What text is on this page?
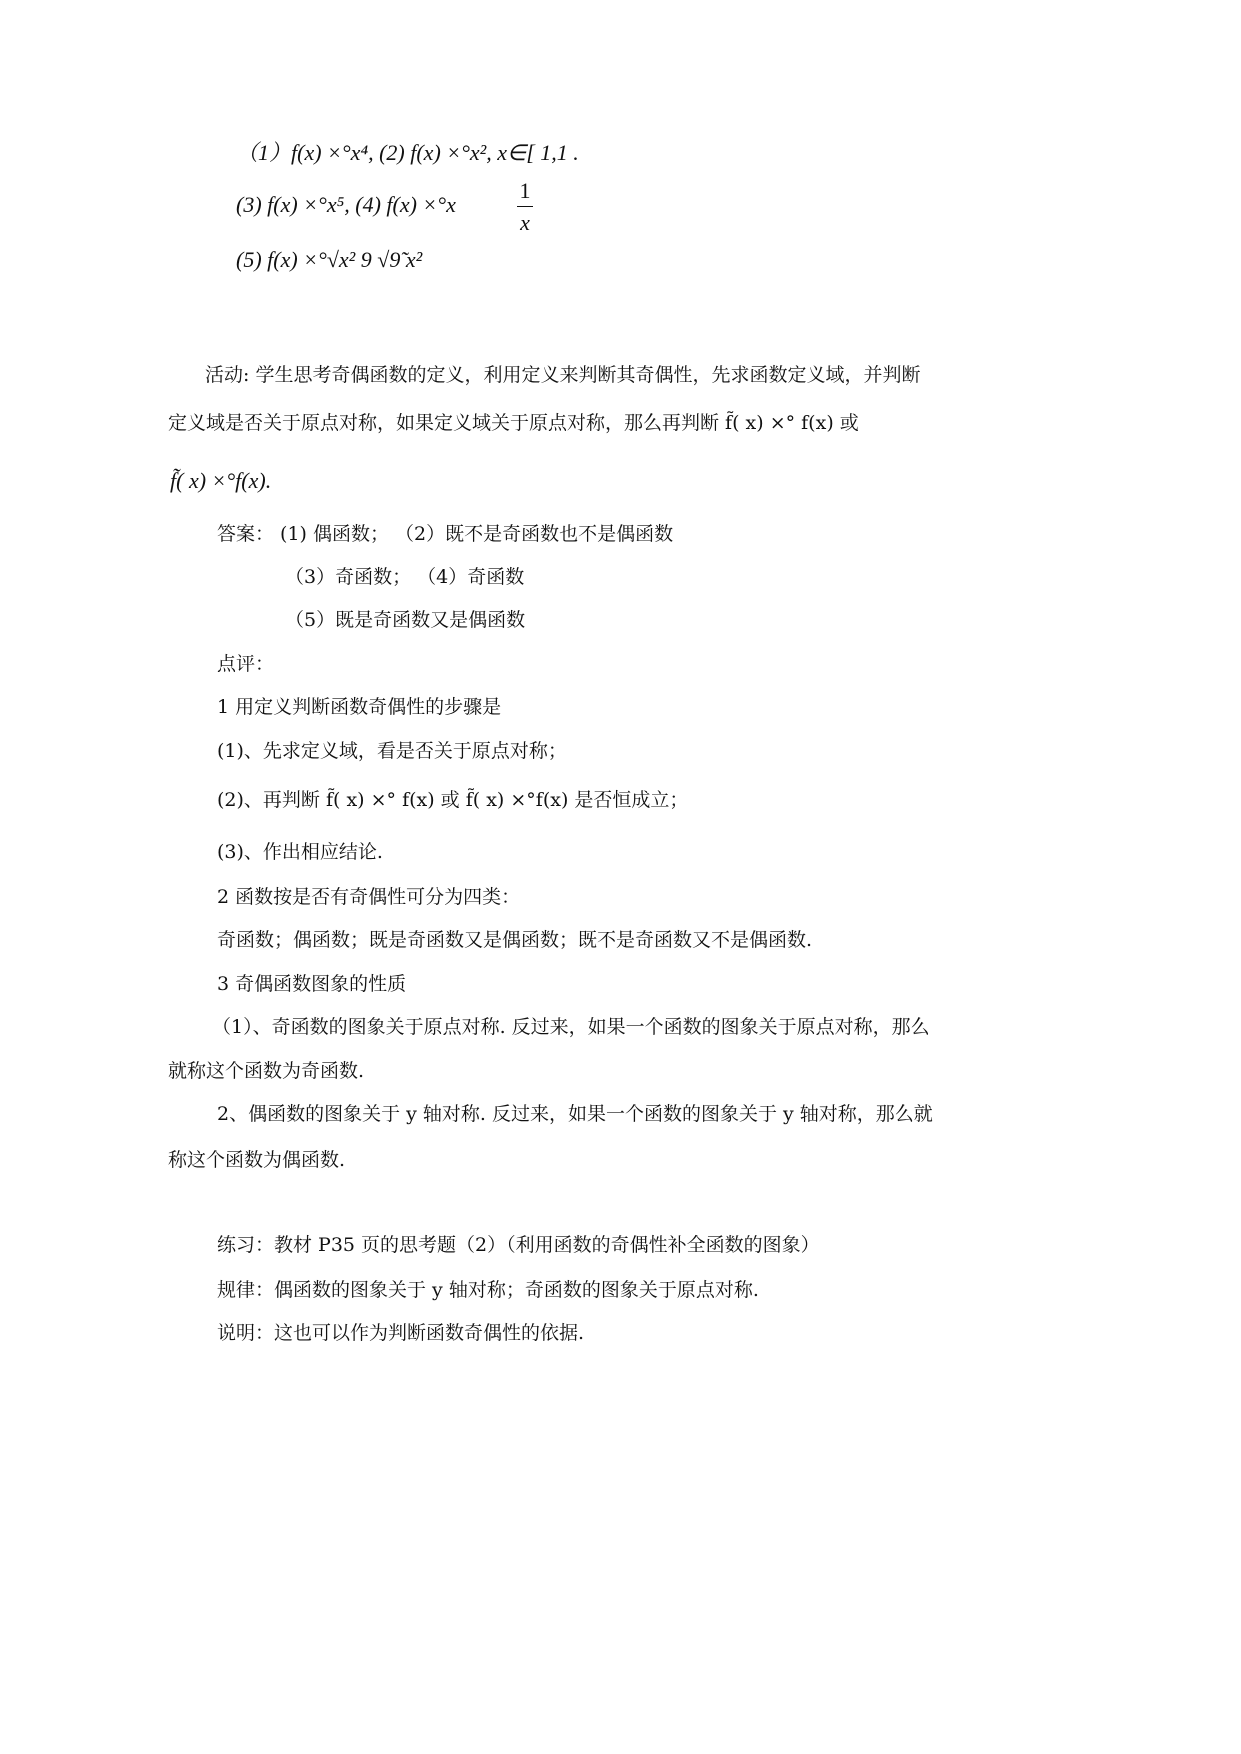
（1）f(x) ×°x⁴, (2) f(x) ×°x², x∈[ 1,1 .
(3) f(x) ×°x⁵, (4) f(x) ×°x
1
x
(5) f(x) ×°√x² 9 √9̃ x²
活动: 学生思考奇偶函数的定义，利用定义来判断其奇偶性，先求函数定义域，并判断
定义域是否关于原点对称，如果定义域关于原点对称，那么再判断 f̃( x) ×° f(x) 或
f̃( x) ×°f(x).
答案： (1) 偶函数； （2）既不是奇函数也不是偶函数
（3）奇函数； （4）奇函数
（5）既是奇函数又是偶函数
点评：
1 用定义判断函数奇偶性的步骤是
(1)、先求定义域，看是否关于原点对称；
(2)、再判断 f̃( x) ×° f(x) 或 f̃( x) ×°f(x) 是否恒成立；
(3)、作出相应结论.
2 函数按是否有奇偶性可分为四类：
奇函数；偶函数；既是奇函数又是偶函数；既不是奇函数又不是偶函数.
3 奇偶函数图象的性质
（1）、奇函数的图象关于原点对称. 反过来，如果一个函数的图象关于原点对称，那么
就称这个函数为奇函数.
2、偶函数的图象关于 y 轴对称. 反过来，如果一个函数的图象关于 y 轴对称，那么就
称这个函数为偶函数.
练习：教材 P35 页的思考题（2）（利用函数的奇偶性补全函数的图象）
规律：偶函数的图象关于 y 轴对称；奇函数的图象关于原点对称.
说明：这也可以作为判断函数奇偶性的依据.
